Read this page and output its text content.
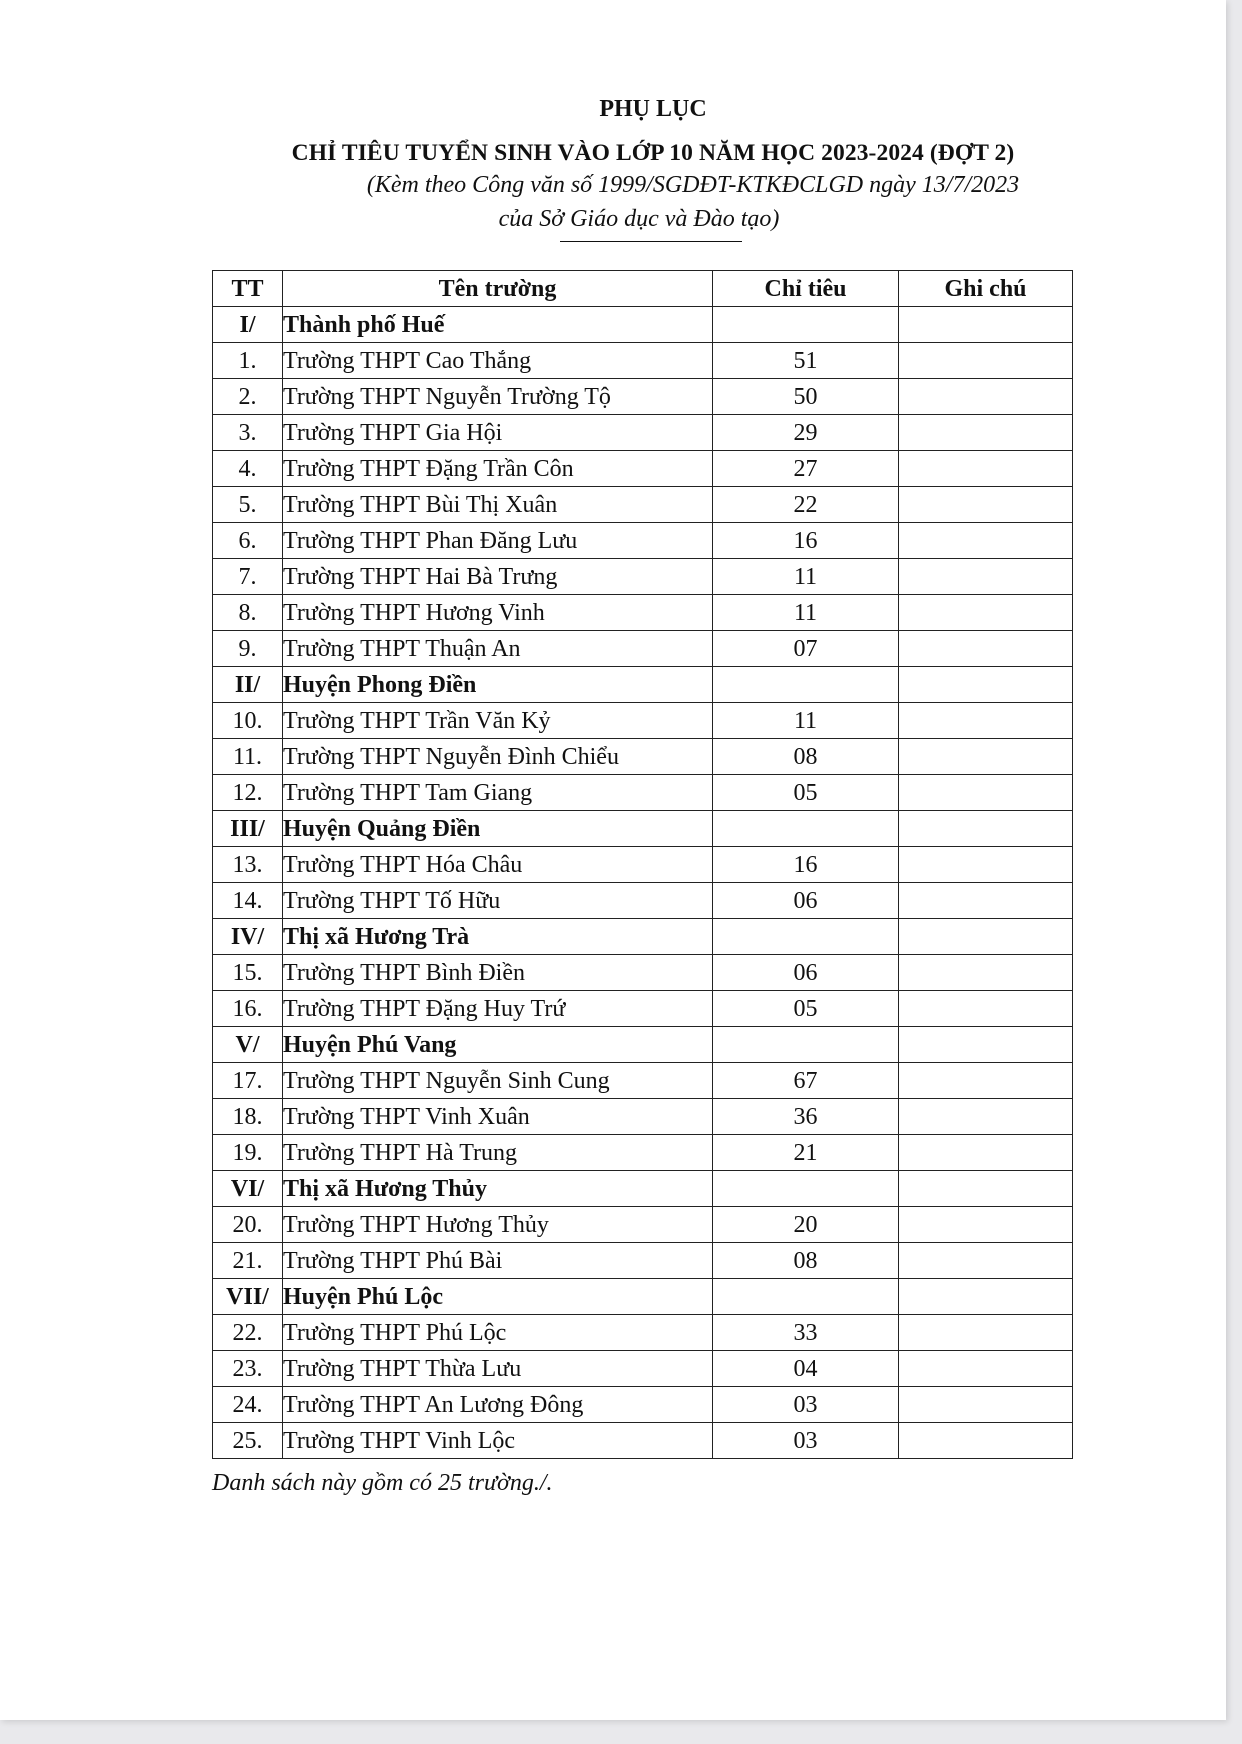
PHỤ LỤC
CHỈ TIÊU TUYỂN SINH VÀO LỚP 10 NĂM HỌC 2023-2024 (ĐỢT 2)
(Kèm theo Công văn số 1999/SGDĐT-KTKĐCLGD ngày 13/7/2023
của Sở Giáo dục và Đào tạo)
TT	Tên trường	Chỉ tiêu	Ghi chú
I/	Thành phố Huế		
1.	Trường THPT Cao Thắng	51	
2.	Trường THPT Nguyễn Trường Tộ	50	
3.	Trường THPT Gia Hội	29	
4.	Trường THPT Đặng Trần Côn	27	
5.	Trường THPT Bùi Thị Xuân	22	
6.	Trường THPT Phan Đăng Lưu	16	
7.	Trường THPT Hai Bà Trưng	11	
8.	Trường THPT Hương Vinh	11	
9.	Trường THPT Thuận An	07	
II/	Huyện Phong Điền		
10.	Trường THPT Trần Văn Kỷ	11	
11.	Trường THPT Nguyễn Đình Chiểu	08	
12.	Trường THPT Tam Giang	05	
III/	Huyện Quảng Điền		
13.	Trường THPT Hóa Châu	16	
14.	Trường THPT Tố Hữu	06	
IV/	Thị xã Hương Trà		
15.	Trường THPT Bình Điền	06	
16.	Trường THPT Đặng Huy Trứ	05	
V/	Huyện Phú Vang		
17.	Trường THPT Nguyễn Sinh Cung	67	
18.	Trường THPT Vinh Xuân	36	
19.	Trường THPT Hà Trung	21	
VI/	Thị xã Hương Thủy		
20.	Trường THPT Hương Thủy	20	
21.	Trường THPT Phú Bài	08	
VII/	Huyện Phú Lộc		
22.	Trường THPT Phú Lộc	33	
23.	Trường THPT Thừa Lưu	04	
24.	Trường THPT An Lương Đông	03	
25.	Trường THPT Vinh Lộc	03	
Danh sách này gồm có 25 trường./.
